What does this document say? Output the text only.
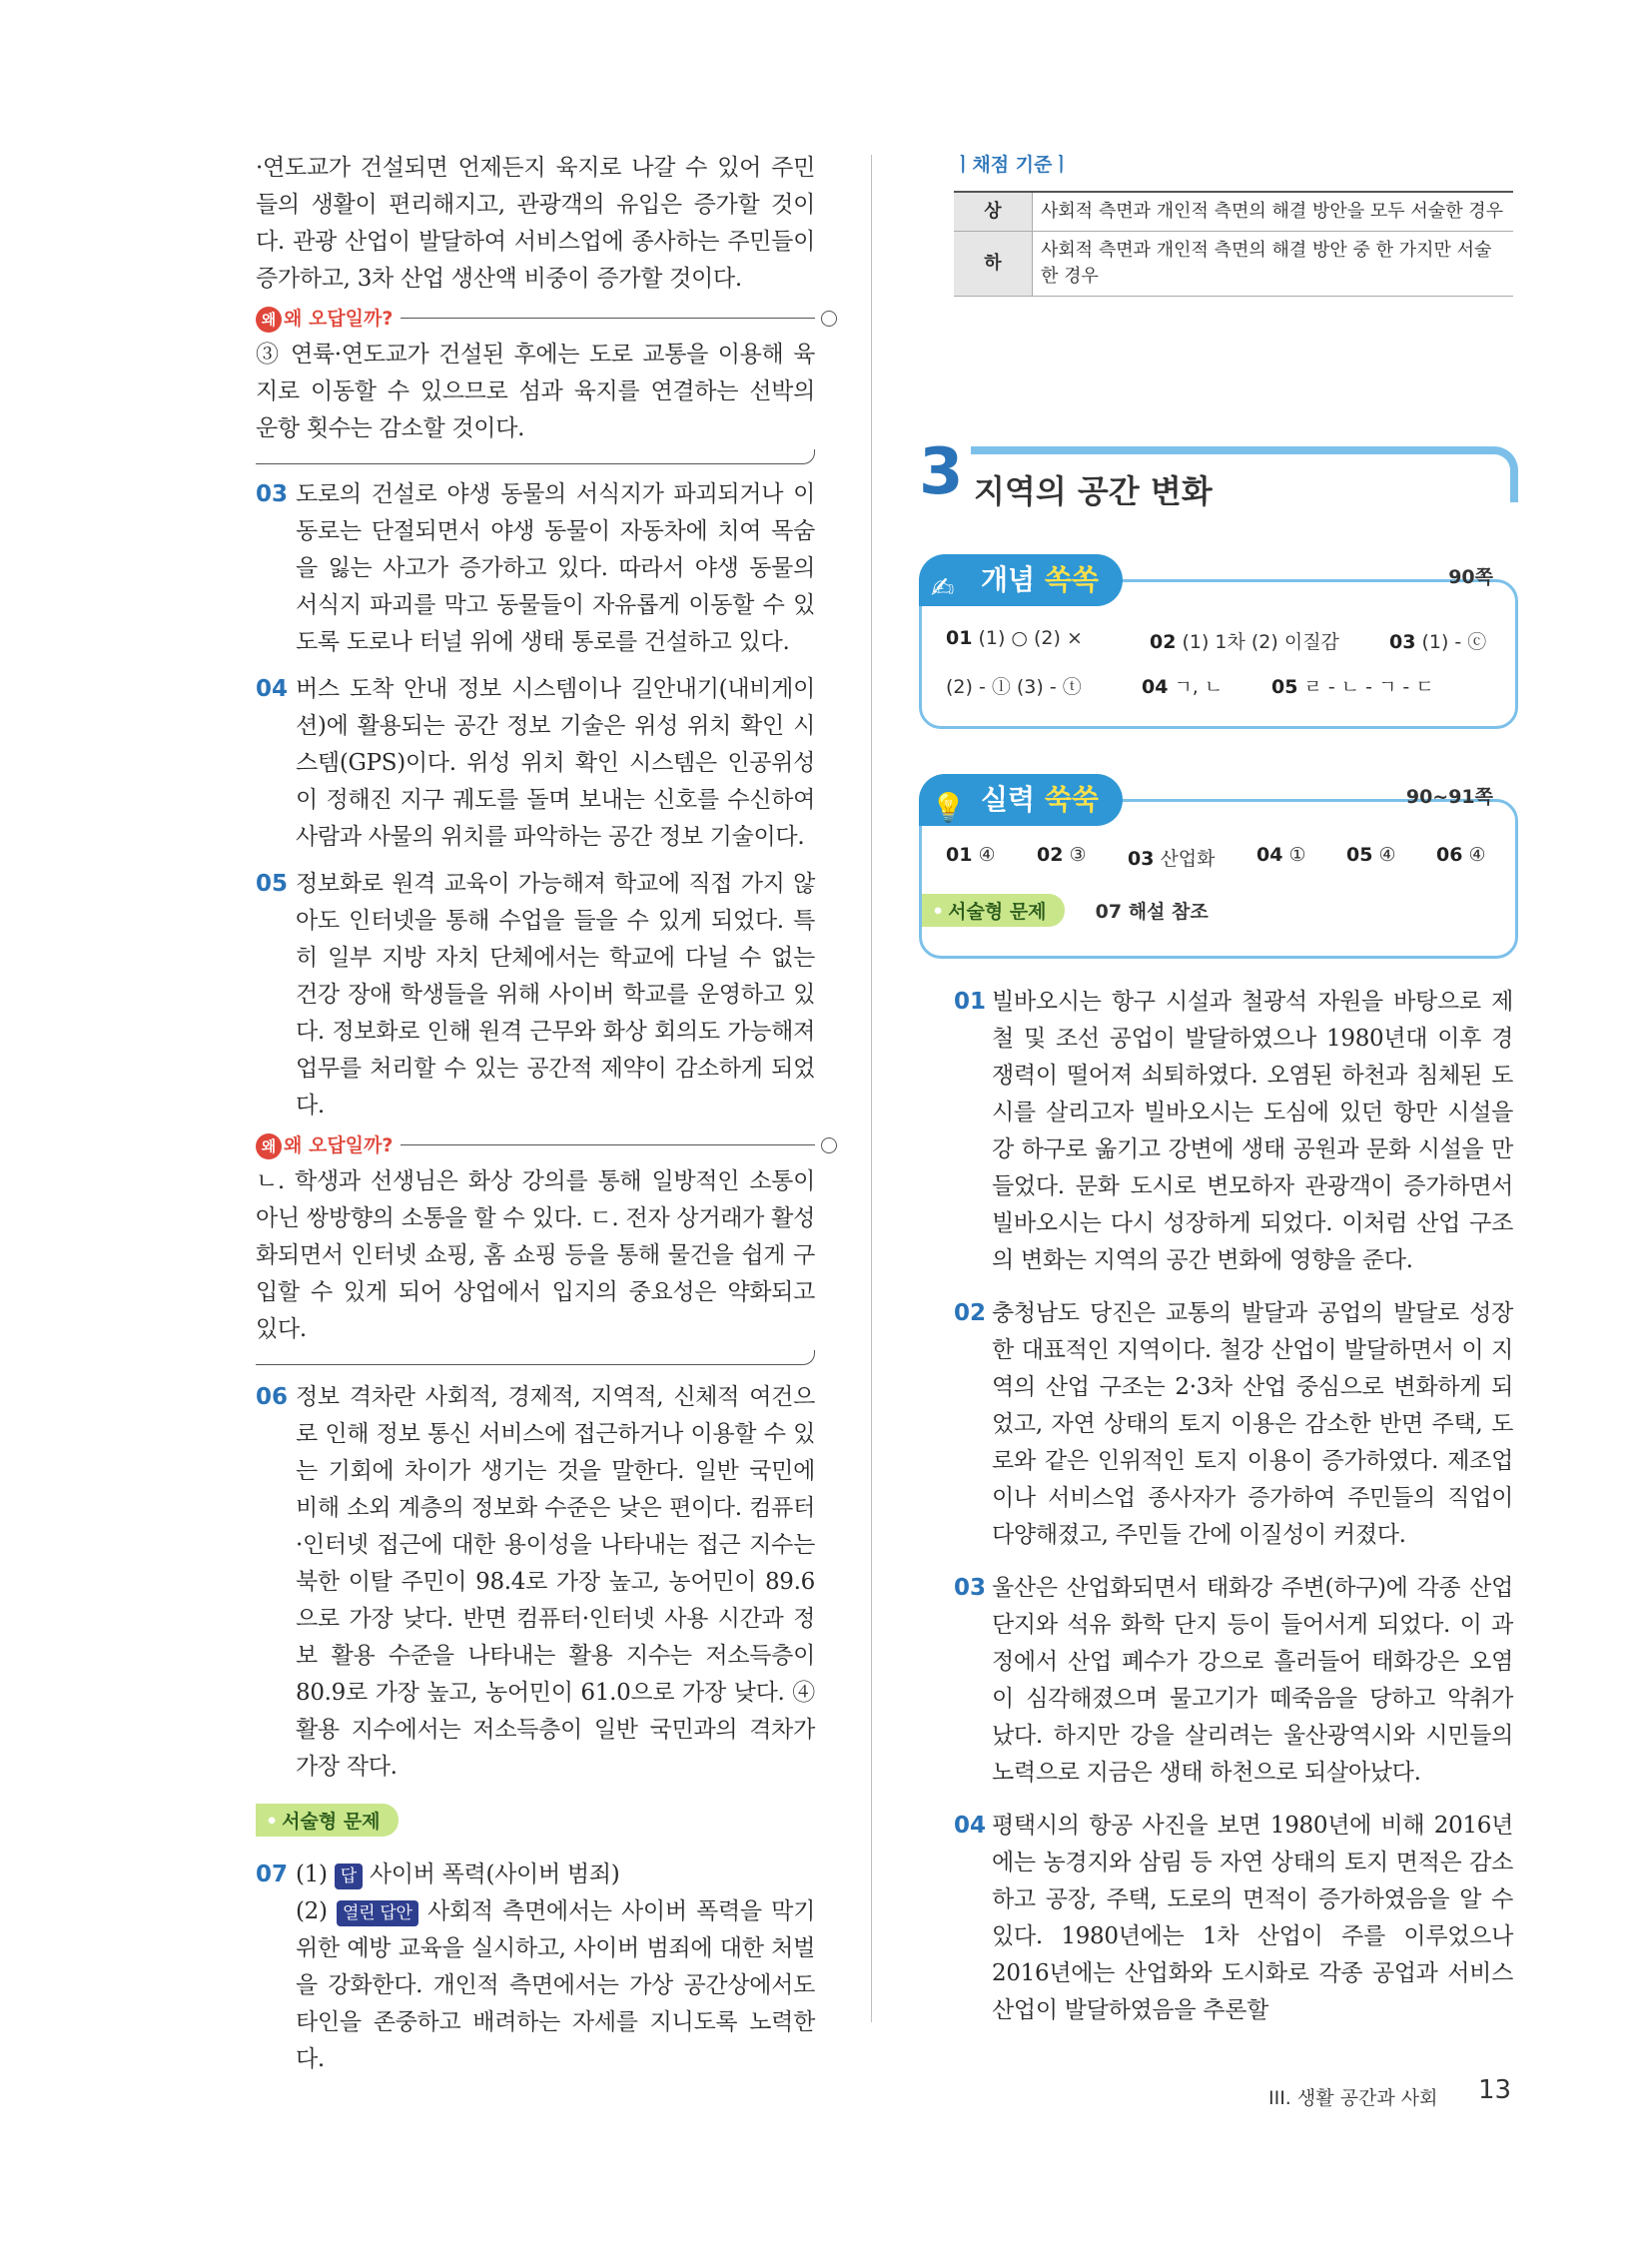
·연도교가 건설되면 언제든지 육지로 나갈 수 있어 주민들의 생활이 편리해지고, 관광객의 유입은 증가할 것이다. 관광 산업이 발달하여 서비스업에 종사하는 주민들이 증가하고, 3차 산업 생산액 비중이 증가할 것이다.

왜 왜 오답일까?

③ 연륙·연도교가 건설된 후에는 도로 교통을 이용해 육지로 이동할 수 있으므로 섬과 육지를 연결하는 선박의 운항 횟수는 감소할 것이다.

03 도로의 건설로 야생 동물의 서식지가 파괴되거나 이동로는 단절되면서 야생 동물이 자동차에 치여 목숨을 잃는 사고가 증가하고 있다. 따라서 야생 동물의 서식지 파괴를 막고 동물들이 자유롭게 이동할 수 있도록 도로나 터널 위에 생태 통로를 건설하고 있다.

04 버스 도착 안내 정보 시스템이나 길안내기(내비게이션)에 활용되는 공간 정보 기술은 위성 위치 확인 시스템(GPS)이다. 위성 위치 확인 시스템은 인공위성이 정해진 지구 궤도를 돌며 보내는 신호를 수신하여 사람과 사물의 위치를 파악하는 공간 정보 기술이다.

05 정보화로 원격 교육이 가능해져 학교에 직접 가지 않아도 인터넷을 통해 수업을 들을 수 있게 되었다. 특히 일부 지방 자치 단체에서는 학교에 다닐 수 없는 건강 장애 학생들을 위해 사이버 학교를 운영하고 있다. 정보화로 인해 원격 근무와 화상 회의도 가능해져 업무를 처리할 수 있는 공간적 제약이 감소하게 되었다.

왜 왜 오답일까?

ㄴ. 학생과 선생님은 화상 강의를 통해 일방적인 소통이 아닌 쌍방향의 소통을 할 수 있다. ㄷ. 전자 상거래가 활성화되면서 인터넷 쇼핑, 홈 쇼핑 등을 통해 물건을 쉽게 구입할 수 있게 되어 상업에서 입지의 중요성은 약화되고 있다.

06 정보 격차란 사회적, 경제적, 지역적, 신체적 여건으로 인해 정보 통신 서비스에 접근하거나 이용할 수 있는 기회에 차이가 생기는 것을 말한다. 일반 국민에 비해 소외 계층의 정보화 수준은 낮은 편이다. 컴퓨터·인터넷 접근에 대한 용이성을 나타내는 접근 지수는 북한 이탈 주민이 98.4로 가장 높고, 농어민이 89.6으로 가장 낮다. 반면 컴퓨터·인터넷 사용 시간과 정보 활용 수준을 나타내는 활용 지수는 저소득층이 80.9로 가장 높고, 농어민이 61.0으로 가장 낮다. ④ 활용 지수에서는 저소득층이 일반 국민과의 격차가 가장 작다.

• 서술형 문제
07 (1) 답 사이버 폭력(사이버 범죄)

(2) 열린 답안 사회적 측면에서는 사이버 폭력을 막기 위한 예방 교육을 실시하고, 사이버 범죄에 대한 처벌을 강화한다. 개인적 측면에서는 가상 공간상에서도 타인을 존중하고 배려하는 자세를 지니도록 노력한다.

ㅣ채점 기준ㅣ
상	사회적 측면과 개인적 측면의 해결 방안을 모두 서술한 경우
하	사회적 측면과 개인적 측면의 해결 방안 중 한 가지만 서술한 경우
3 지역의 공간 변화
✍ 개념 쏙쏙	90쪽
01 (1) ○ (2) ×	02 (1) 1차 (2) 이질감	03 (1) - ⓒ
(2) - ⓛ (3) - ⓣ	04 ㄱ, ㄴ	05 ㄹ - ㄴ - ㄱ - ㄷ
💡 실력 쑥쑥	90~91쪽
01 ④ 02 ③ 03 산업화 04 ① 05 ④ 06 ④
• 서술형 문제	07 해설 참조
01 빌바오시는 항구 시설과 철광석 자원을 바탕으로 제철 및 조선 공업이 발달하였으나 1980년대 이후 경쟁력이 떨어져 쇠퇴하였다. 오염된 하천과 침체된 도시를 살리고자 빌바오시는 도심에 있던 항만 시설을 강 하구로 옮기고 강변에 생태 공원과 문화 시설을 만들었다. 문화 도시로 변모하자 관광객이 증가하면서 빌바오시는 다시 성장하게 되었다. 이처럼 산업 구조의 변화는 지역의 공간 변화에 영향을 준다.

02 충청남도 당진은 교통의 발달과 공업의 발달로 성장한 대표적인 지역이다. 철강 산업이 발달하면서 이 지역의 산업 구조는 2·3차 산업 중심으로 변화하게 되었고, 자연 상태의 토지 이용은 감소한 반면 주택, 도로와 같은 인위적인 토지 이용이 증가하였다. 제조업이나 서비스업 종사자가 증가하여 주민들의 직업이 다양해졌고, 주민들 간에 이질성이 커졌다.

03 울산은 산업화되면서 태화강 주변(하구)에 각종 산업 단지와 석유 화학 단지 등이 들어서게 되었다. 이 과정에서 산업 폐수가 강으로 흘러들어 태화강은 오염이 심각해졌으며 물고기가 떼죽음을 당하고 악취가 났다. 하지만 강을 살리려는 울산광역시와 시민들의 노력으로 지금은 생태 하천으로 되살아났다.

04 평택시의 항공 사진을 보면 1980년에 비해 2016년에는 농경지와 삼림 등 자연 상태의 토지 면적은 감소하고 공장, 주택, 도로의 면적이 증가하였음을 알 수 있다. 1980년에는 1차 산업이 주를 이루었으나 2016년에는 산업화와 도시화로 각종 공업과 서비스 산업이 발달하였음을 추론할

III. 생활 공간과 사회 13
